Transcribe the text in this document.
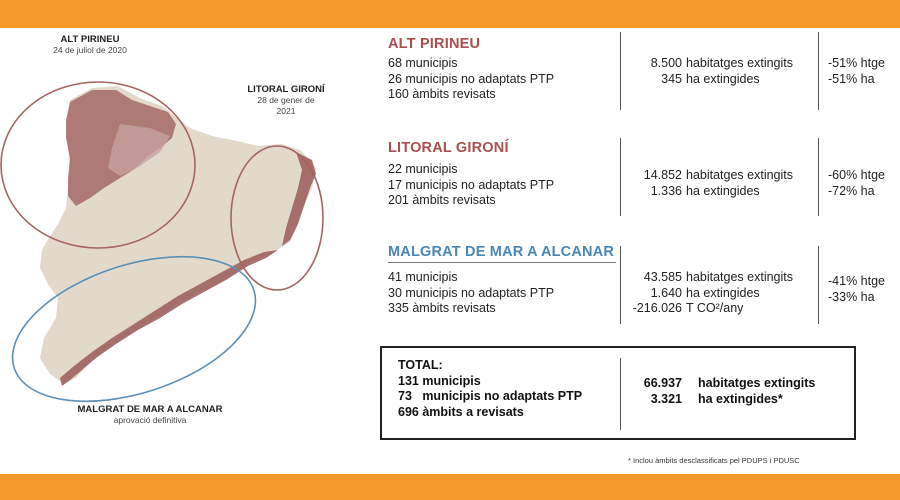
ALT PIRINEU
24 de juliol de 2020
LITORAL GIRONÍ
28 de gener de
2021
MALGRAT DE MAR A ALCANAR
aprovació definitiva
ALT PIRINEU
68 municipis
26 municipis no adaptats PTP
160 àmbits revisats
8.500
345
habitatges extingits
ha extingides
-51% htge
-51% ha
LITORAL GIRONÍ
22 municipis
17 municipis no adaptats PTP
201 àmbits revisats
14.852
1.336
habitatges extingits
ha extingides
-60% htge
-72% ha
MALGRAT DE MAR A ALCANAR
41 municipis
30 municipis no adaptats PTP
335 àmbits revisats
43.585
1.640
-216.026
habitatges extingits
ha extingides
T CO²/any
-41% htge
-33% ha
TOTAL:
131 municipis
73   municipis no adaptats PTP
696 àmbits a revisats
66.937
3.321
habitatges extingits
ha extingides*
* Inclou àmbits desclassificats pel PDUPS i PDUSC
